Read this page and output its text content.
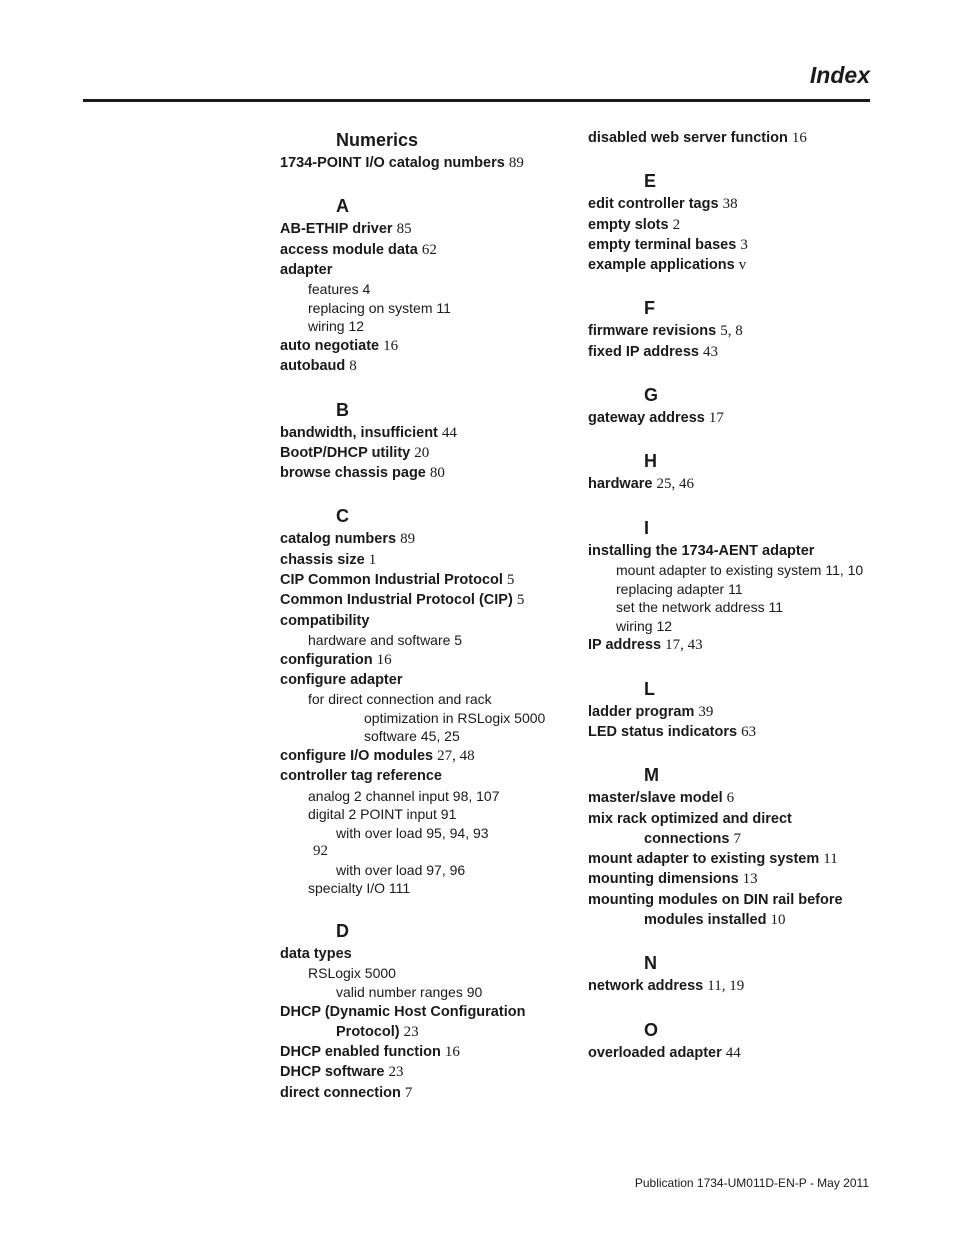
Index
Numerics
1734-POINT I/O catalog numbers 89
A
AB-ETHIP driver 85
access module data 62
adapter
features 4
replacing on system 11
wiring 12
auto negotiate 16
autobaud 8
B
bandwidth, insufficient 44
BootP/DHCP utility 20
browse chassis page 80
C
catalog numbers 89
chassis size 1
CIP Common Industrial Protocol 5
Common Industrial Protocol (CIP) 5
compatibility
hardware and software 5
configuration 16
configure adapter
for direct connection and rack
optimization in RSLogix 5000
software 45, 25
configure I/O modules 27, 48
controller tag reference
analog 2 channel input 98, 107
digital 2 POINT input 91
with over load 95, 94, 93
92
with over load 97, 96
specialty I/O 111
D
data types
RSLogix 5000
valid number ranges 90
DHCP (Dynamic Host Configuration
Protocol) 23
DHCP enabled function 16
DHCP software 23
direct connection 7
disabled web server function 16
E
edit controller tags 38
empty slots 2
empty terminal bases 3
example applications v
F
firmware revisions 5, 8
fixed IP address 43
G
gateway address 17
H
hardware 25, 46
I
installing the 1734-AENT adapter
mount adapter to existing system 11, 10
replacing adapter 11
set the network address 11
wiring 12
IP address 17, 43
L
ladder program 39
LED status indicators 63
M
master/slave model 6
mix rack optimized and direct
connections 7
mount adapter to existing system 11
mounting dimensions 13
mounting modules on DIN rail before
modules installed 10
N
network address 11, 19
O
overloaded adapter 44
Publication 1734-UM011D-EN-P - May 2011
